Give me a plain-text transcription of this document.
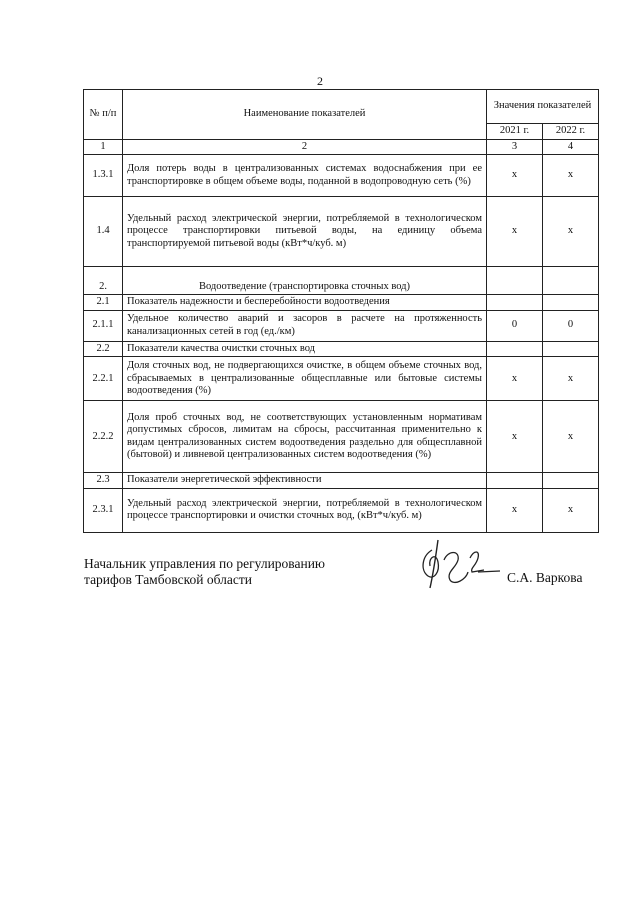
2
№ п/п	Наименование показателей	Значения показателей	
		2021 г.	2022 г.
1	2	3	4
1.3.1	Доля потерь воды в централизованных системах водоснабжения при ее транспортировке в общем объеме воды, поданной в водопроводную сеть (%)	x	x
1.4	Удельный расход электрической энергии, потребляемой в технологическом процессе транспортировки питьевой воды, на единицу объема транспортируемой питьевой воды (кВт*ч/куб. м)	x	x
2.	Водоотведение (транспортировка сточных вод)		
2.1	Показатель надежности и бесперебойности водоотведения		
2.1.1	Удельное количество аварий и засоров в расчете на протяженность канализационных сетей в год (ед./км)	0	0
2.2	Показатели качества очистки сточных вод		
2.2.1	Доля сточных вод, не подвергающихся очистке, в общем объеме сточных вод, сбрасываемых в централизованные общесплавные или бытовые системы водоотведения (%)	x	x
2.2.2	Доля проб сточных вод, не соответствующих установленным нормативам допустимых сбросов, лимитам на сбросы, рассчитанная применительно к видам централизованных систем водоотведения раздельно для общесплавной (бытовой) и ливневой централизованных систем водоотведения (%)	x	x
2.3	Показатели энергетической эффективности		
2.3.1	Удельный расход электрической энергии, потребляемой в технологическом процессе транспортировки и очистки сточных вод, (кВт*ч/куб. м)	x	x
Начальник управления по регулированию
тарифов Тамбовской области	С.А. Варкова
